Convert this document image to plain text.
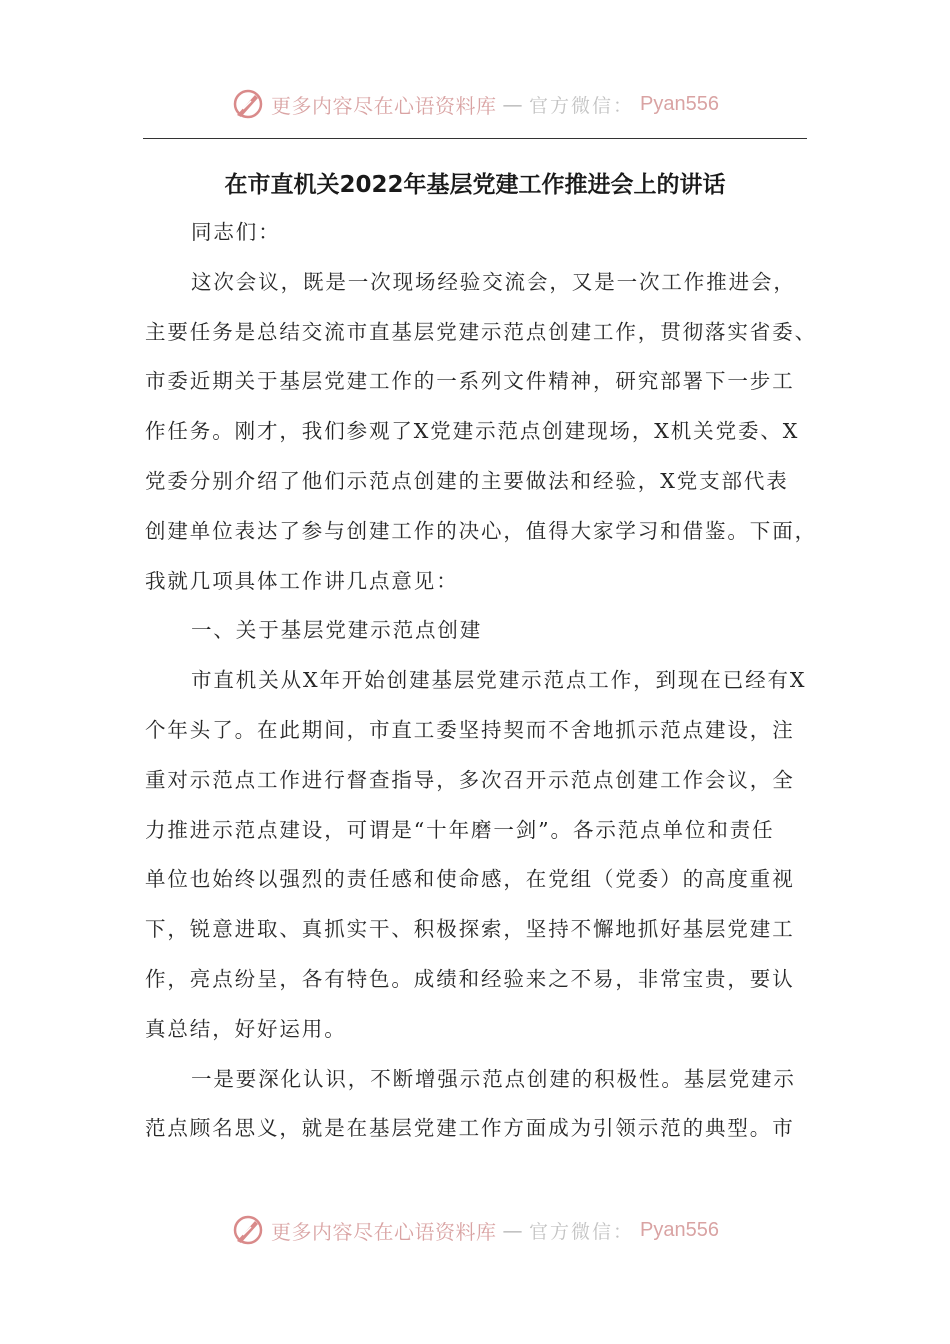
更多内容尽在心语资料库 — 官方微信： Pyan556
在市直机关2022年基层党建工作推进会上的讲话
同志们：
这次会议，既是一次现场经验交流会，又是一次工作推进会，
主要任务是总结交流市直基层党建示范点创建工作，贯彻落实省委、
市委近期关于基层党建工作的一系列文件精神，研究部署下一步工
作任务。刚才，我们参观了X党建示范点创建现场，X机关党委、X
党委分别介绍了他们示范点创建的主要做法和经验，X党支部代表
创建单位表达了参与创建工作的决心，值得大家学习和借鉴。下面，
我就几项具体工作讲几点意见：
一、关于基层党建示范点创建
市直机关从X年开始创建基层党建示范点工作，到现在已经有X
个年头了。在此期间，市直工委坚持契而不舍地抓示范点建设，注
重对示范点工作进行督查指导，多次召开示范点创建工作会议，全
力推进示范点建设，可谓是“十年磨一剑”。各示范点单位和责任
单位也始终以强烈的责任感和使命感，在党组（党委）的高度重视
下，锐意进取、真抓实干、积极探索，坚持不懈地抓好基层党建工
作，亮点纷呈，各有特色。成绩和经验来之不易，非常宝贵，要认
真总结，好好运用。
一是要深化认识，不断增强示范点创建的积极性。基层党建示
范点顾名思义，就是在基层党建工作方面成为引领示范的典型。市
更多内容尽在心语资料库 — 官方微信： Pyan556
